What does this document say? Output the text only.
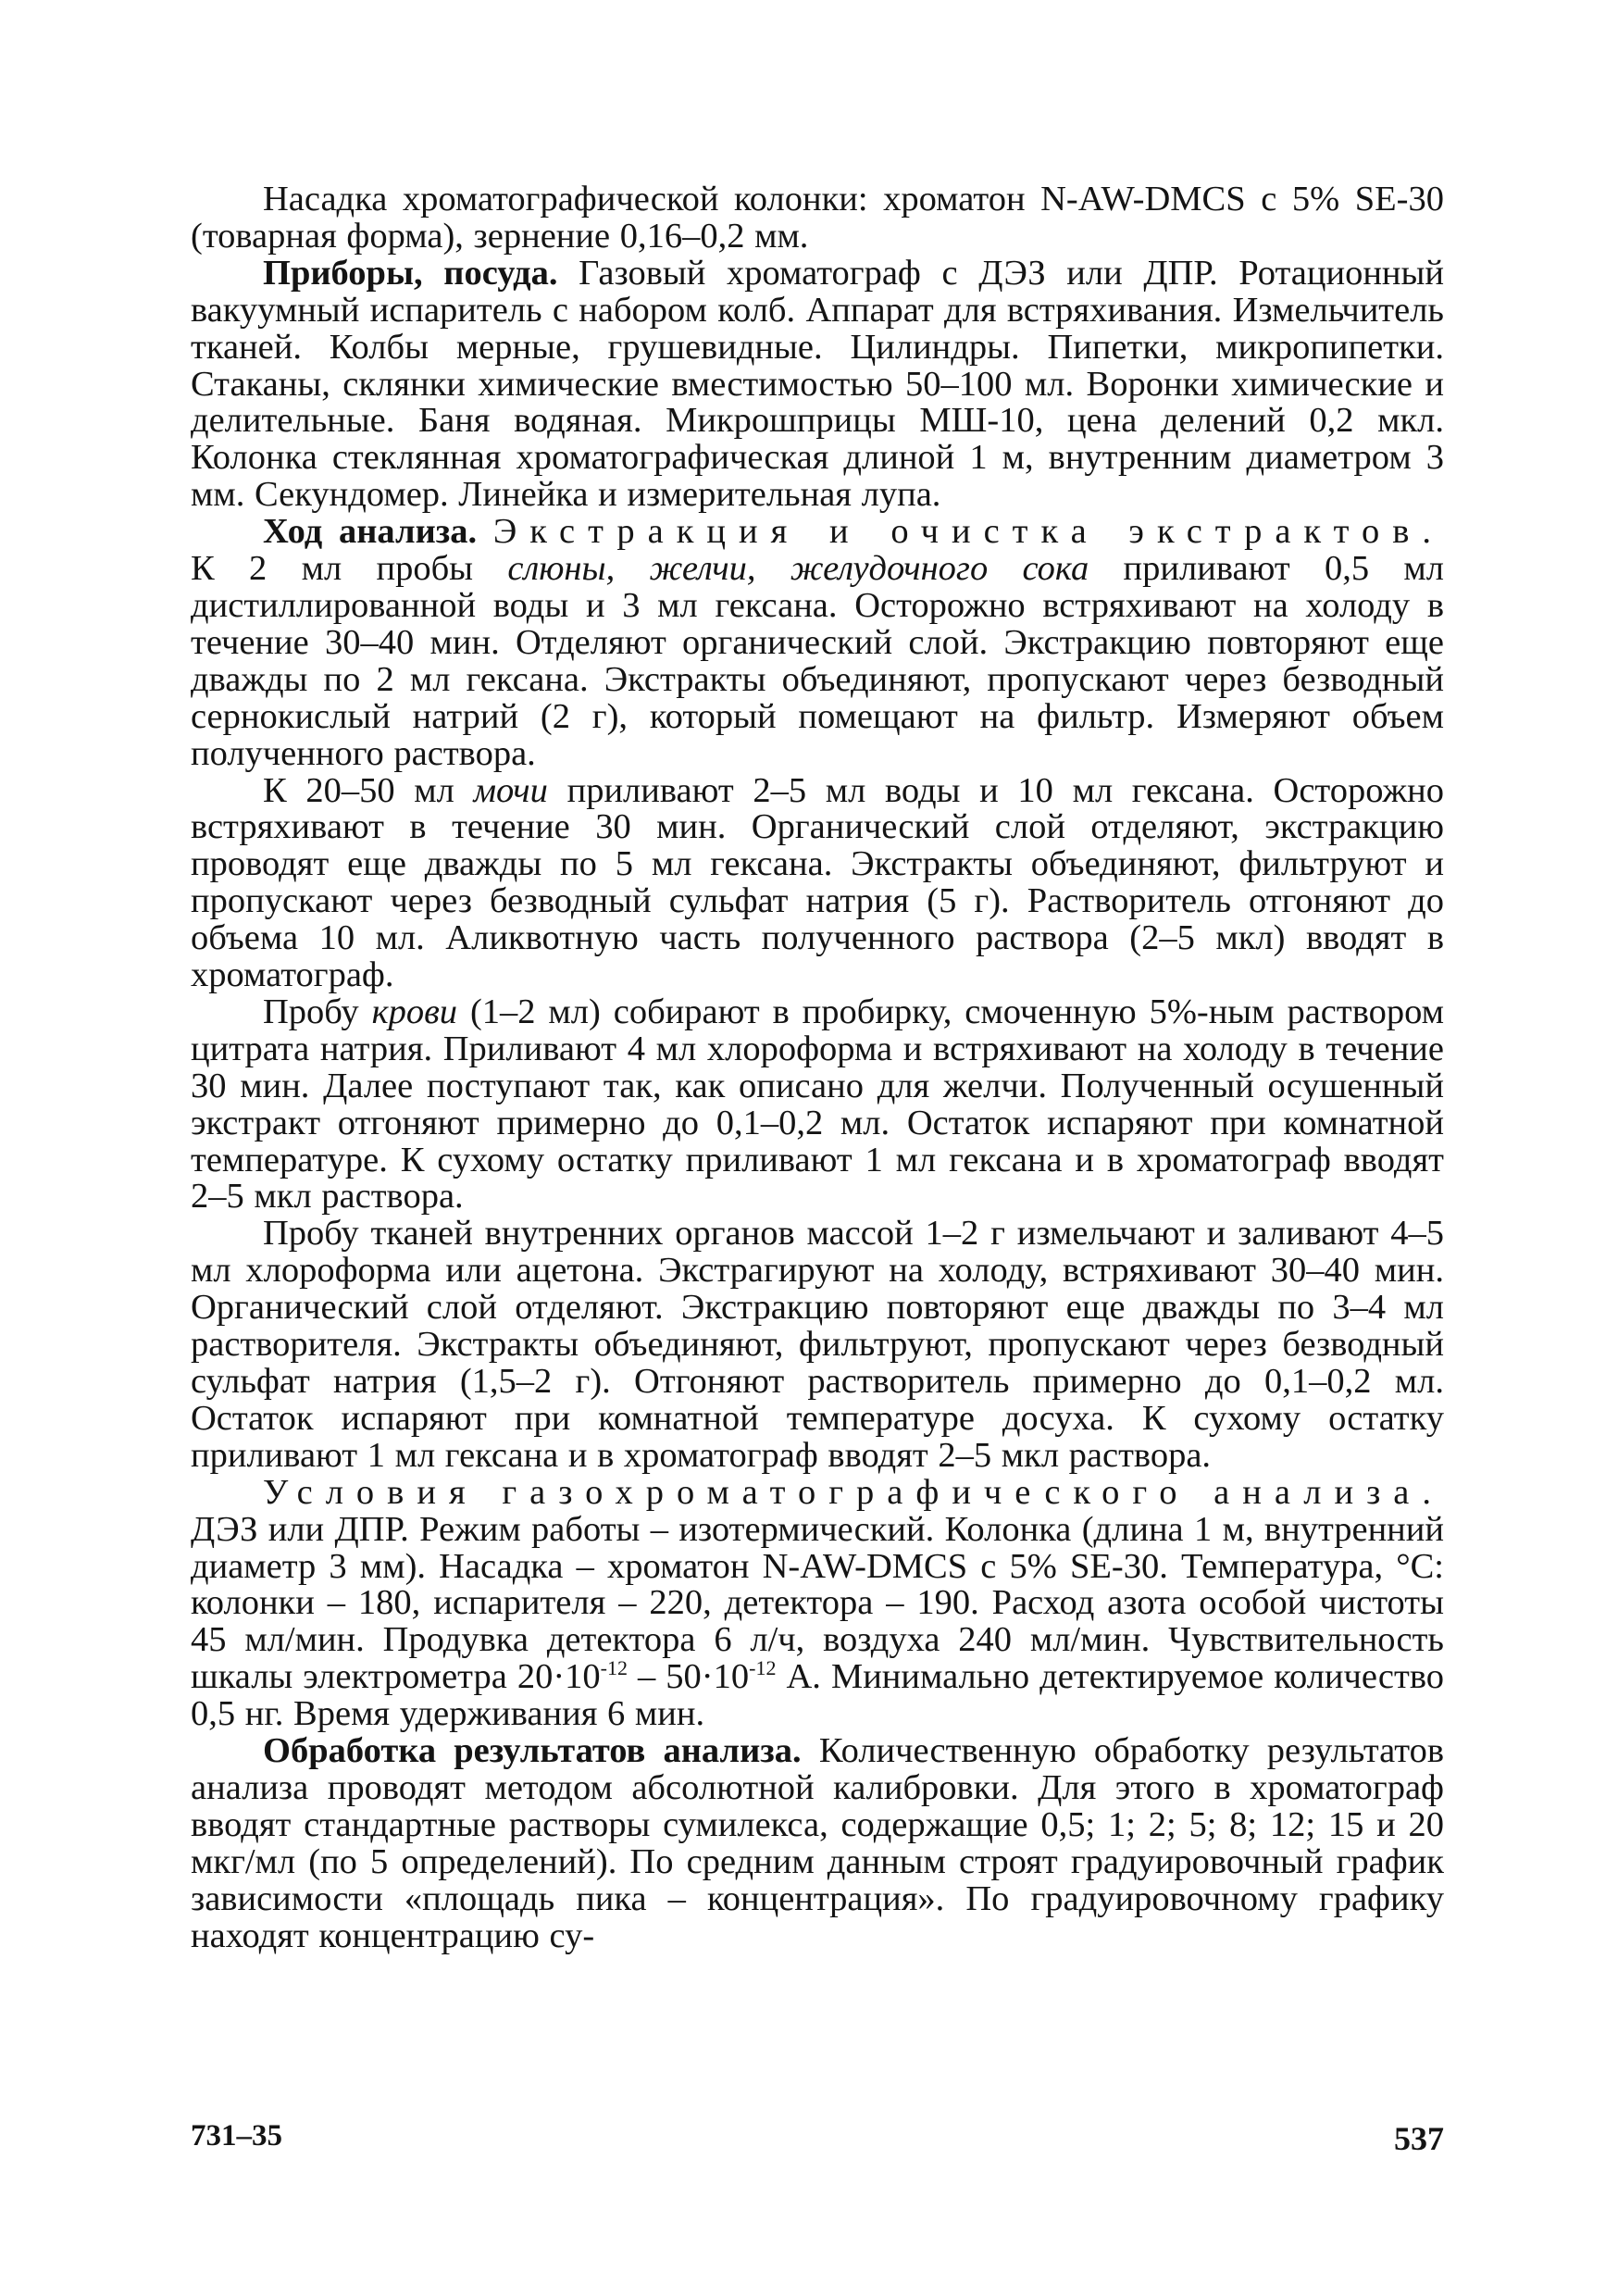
Насадка хроматографической колонки: хроматон N-AW-DMCS с 5% SE-30 (товарная форма), зернение 0,16–0,2 мм.

Приборы, посуда. Газовый хроматограф с ДЭЗ или ДПР. Ротационный вакуумный испаритель с набором колб. Аппарат для встряхивания. Измельчитель тканей. Колбы мерные, грушевидные. Цилиндры. Пипетки, микропипетки. Стаканы, склянки химические вместимостью 50–100 мл. Воронки химические и делительные. Баня водяная. Микрошприцы МШ-10, цена делений 0,2 мкл. Колонка стеклянная хроматографическая длиной 1 м, внутренним диаметром 3 мм. Секундомер. Линейка и измерительная лупа.

Ход анализа. Экстракция и очистка экстрактов. К 2 мл пробы слюны, желчи, желудочного сока приливают 0,5 мл дистиллированной воды и 3 мл гексана. Осторожно встряхивают на холоду в течение 30–40 мин. Отделяют органический слой. Экстракцию повторяют еще дважды по 2 мл гексана. Экстракты объединяют, пропускают через безводный сернокислый натрий (2 г), который помещают на фильтр. Измеряют объем полученного раствора.

К 20–50 мл мочи приливают 2–5 мл воды и 10 мл гексана. Осторожно встряхивают в течение 30 мин. Органический слой отделяют, экстракцию проводят еще дважды по 5 мл гексана. Экстракты объединяют, фильтруют и пропускают через безводный сульфат натрия (5 г). Растворитель отгоняют до объема 10 мл. Аликвотную часть полученного раствора (2–5 мкл) вводят в хроматограф.

Пробу крови (1–2 мл) собирают в пробирку, смоченную 5%-ным раствором цитрата натрия. Приливают 4 мл хлороформа и встряхивают на холоду в течение 30 мин. Далее поступают так, как описано для желчи. Полученный осушенный экстракт отгоняют примерно до 0,1–0,2 мл. Остаток испаряют при комнатной температуре. К сухому остатку приливают 1 мл гексана и в хроматограф вводят 2–5 мкл раствора.

Пробу тканей внутренних органов массой 1–2 г измельчают и заливают 4–5 мл хлороформа или ацетона. Экстрагируют на холоду, встряхивают 30–40 мин. Органический слой отделяют. Экстракцию повторяют еще дважды по 3–4 мл растворителя. Экстракты объединяют, фильтруют, пропускают через безводный сульфат натрия (1,5–2 г). Отгоняют растворитель примерно до 0,1–0,2 мл. Остаток испаряют при комнатной температуре досуха. К сухому остатку приливают 1 мл гексана и в хроматограф вводят 2–5 мкл раствора.

Условия газохроматографического анализа. ДЭЗ или ДПР. Режим работы – изотермический. Колонка (длина 1 м, внутренний диаметр 3 мм). Насадка – хроматон N-AW-DMCS с 5% SE-30. Температура, °С: колонки – 180, испарителя – 220, детектора – 190. Расход азота особой чистоты 45 мл/мин. Продувка детектора 6 л/ч, воздуха 240 мл/мин. Чувствительность шкалы электрометра $20\cdot 10^{-12} - 50\cdot 10^{-12}$ А. Минимально детектируемое количество 0,5 нг. Время удерживания 6 мин.

Обработка результатов анализа. Количественную обработку результатов анализа проводят методом абсолютной калибровки. Для этого в хроматограф вводят стандартные растворы сумилекса, содержащие 0,5; 1; 2; 5; 8; 12; 15 и 20 мкг/мл (по 5 определений). По средним данным строят градуировочный график зависимости «площадь пика – концентрация». По градуировочному графику находят концентрацию су-

731–35	537
